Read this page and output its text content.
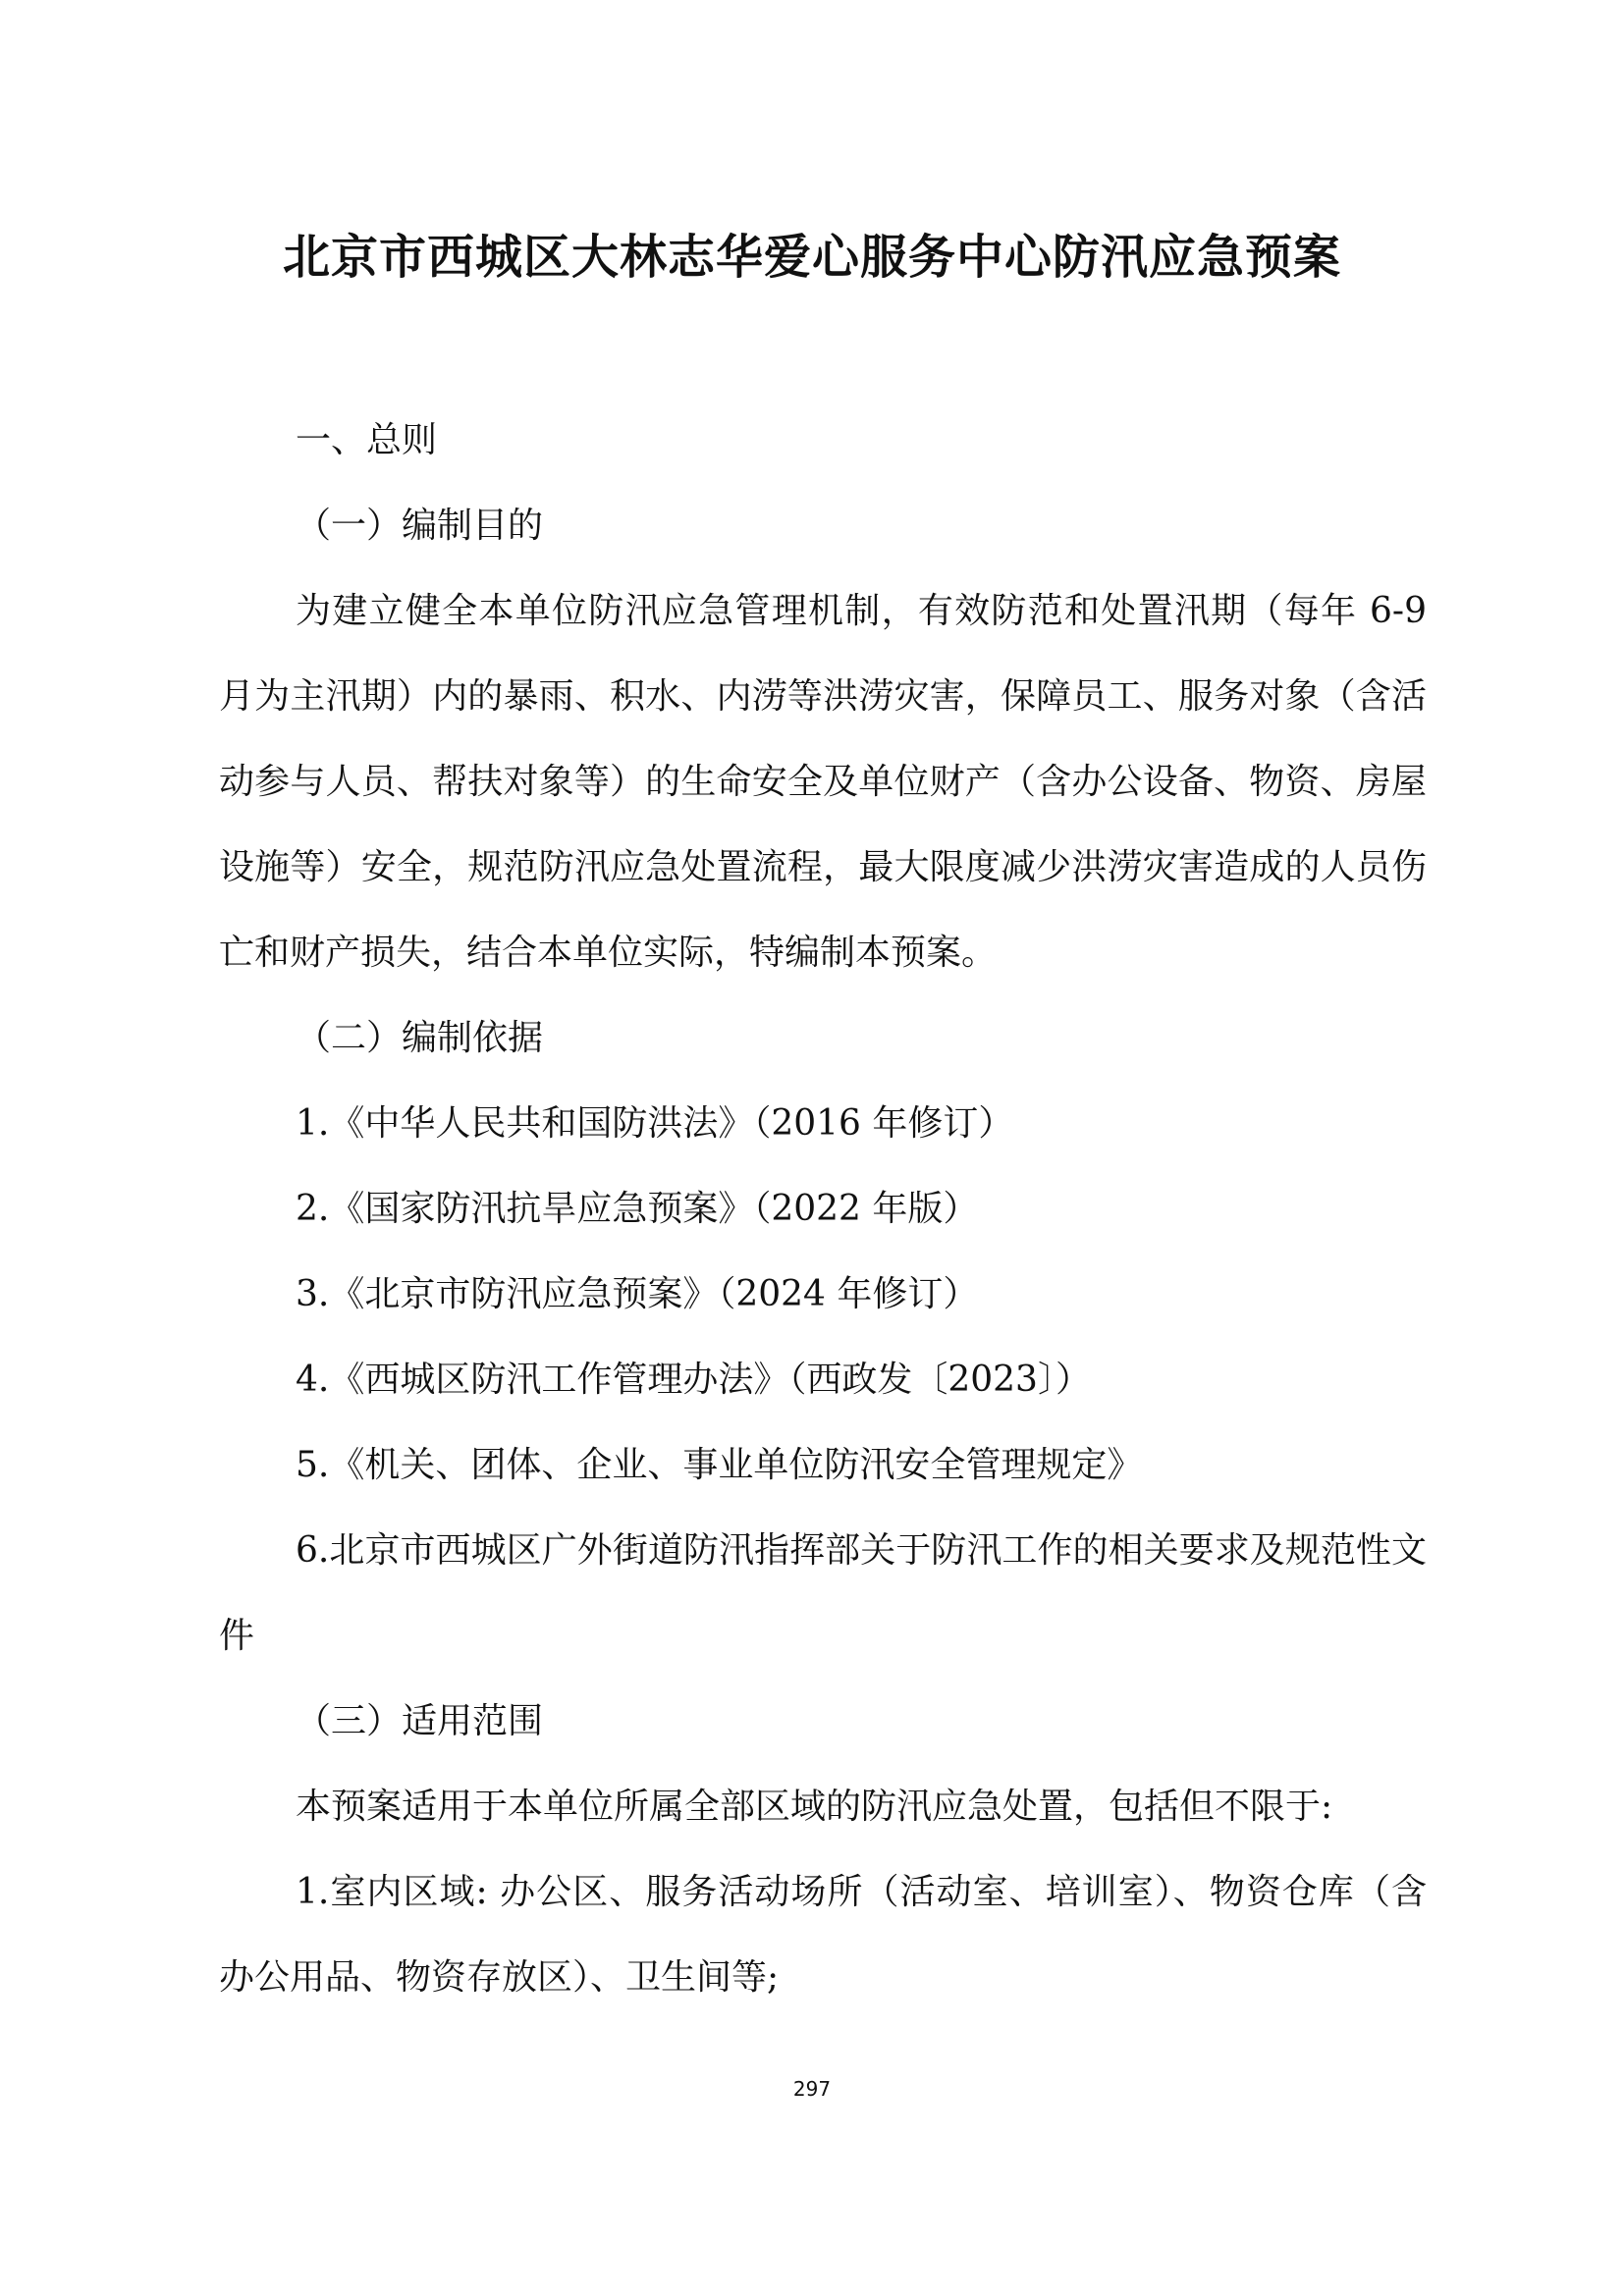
北京市西城区大林志华爱心服务中心防汛应急预案

一、总则

（一）编制目的

为建立健全本单位防汛应急管理机制，有效防范和处置汛期（每年 6-9 月为主汛期）内的暴雨、积水、内涝等洪涝灾害，保障员工、服务对象（含活动参与人员、帮扶对象等）的生命安全及单位财产（含办公设备、物资、房屋设施等）安全，规范防汛应急处置流程，最大限度减少洪涝灾害造成的人员伤亡和财产损失，结合本单位实际，特编制本预案。

（二）编制依据

1.《中华人民共和国防洪法》（2016 年修订）

2.《国家防汛抗旱应急预案》（2022 年版）

3.《北京市防汛应急预案》（2024 年修订）

4.《西城区防汛工作管理办法》（西政发〔2023〕）

5.《机关、团体、企业、事业单位防汛安全管理规定》

6.北京市西城区广外街道防汛指挥部关于防汛工作的相关要求及规范性文件

（三）适用范围

本预案适用于本单位所属全部区域的防汛应急处置，包括但不限于:

1.室内区域: 办公区、服务活动场所（活动室、培训室）、物资仓库（含办公用品、物资存放区）、卫生间等;

297
